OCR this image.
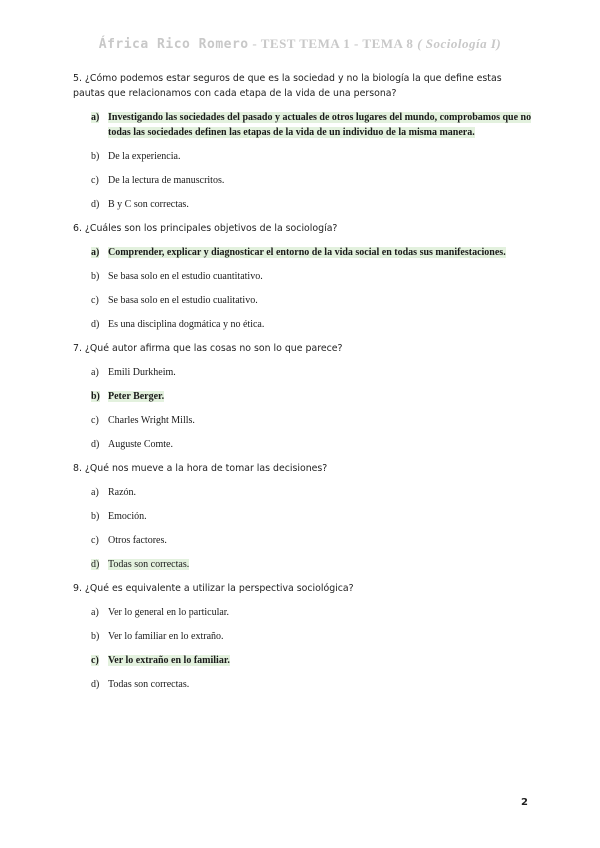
África Rico Romero - TEST TEMA 1 - TEMA 8 ( Sociología I)

5. ¿Cómo podemos estar seguros de que es la sociedad y no la biología la que define estas pautas que relacionamos con cada etapa de la vida de una persona?

a) Investigando las sociedades del pasado y actuales de otros lugares del mundo, comprobamos que no todas las sociedades definen las etapas de la vida de un individuo de la misma manera.
b) De la experiencia.
c) De la lectura de manuscritos.
d) B y C son correctas.

6. ¿Cuáles son los principales objetivos de la sociología?

a) Comprender, explicar y diagnosticar el entorno de la vida social en todas sus manifestaciones.
b) Se basa solo en el estudio cuantitativo.
c) Se basa solo en el estudio cualitativo.
d) Es una disciplina dogmática y no ética.

7. ¿Qué autor afirma que las cosas no son lo que parece?

a) Emili Durkheim.
b) Peter Berger.
c) Charles Wright Mills.
d) Auguste Comte.

8. ¿Qué nos mueve a la hora de tomar las decisiones?

a) Razón.
b) Emoción.
c) Otros factores.
d) Todas son correctas.

9. ¿Qué es equivalente a utilizar la perspectiva sociológica?

a) Ver lo general en lo particular.
b) Ver lo familiar en lo extraño.
c) Ver lo extraño en lo familiar.
d) Todas son correctas.
2
